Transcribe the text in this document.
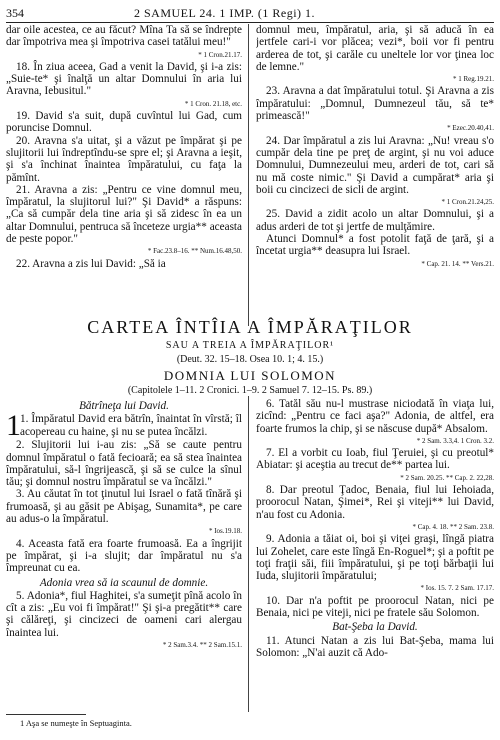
354	2 SAMUEL 24. 1 IMP. (1 Regi) 1.

dar oile acestea, ce au făcut? Mîna Ta să se îndrepte dar împotriva mea şi împotriva casei tatălui meu!"

* 1 Cron.21.17.

18. În ziua aceea, Gad a venit la David, şi i-a zis: „Suie-te* şi înalţă un altar Domnului în aria lui Aravna, Iebusitul."

* 1 Cron. 21.18, etc.

19. David s'a suit, după cuvîntul lui Gad, cum poruncise Domnul.

20. Aravna s'a uitat, şi a văzut pe împărat şi pe slujitorii lui îndreptîndu-se spre el; şi Aravna a ieşit, şi s'a închinat înaintea împăratului, cu faţa la pămînt.

21. Aravna a zis: „Pentru ce vine domnul meu, împăratul, la slujitorul lui?" Şi David* a răspuns: „Ca să cumpăr dela tine aria şi să zidesc în ea un altar Domnului, pentruca să înceteze urgia** aceasta de peste popor."

* Fac.23.8–16. ** Num.16.48,50.

22. Aravna a zis lui David: „Să ia

domnul meu, împăratul, aria, şi să aducă în ea jertfele cari-i vor plăcea; vezi*, boii vor fi pentru arderea de tot, şi carăle cu uneltele lor vor ţinea loc de lemne."

* 1 Reg.19.21.

23. Aravna a dat împăratului totul. Şi Aravna a zis împăratului: „Domnul, Dumnezeul tău, să te* primească!"

* Ezec.20.40,41.

24. Dar împăratul a zis lui Aravna: „Nu! vreau s'o cumpăr dela tine pe preţ de argint, şi nu voi aduce Domnului, Dumnezeului meu, arderi de tot, cari să nu mă coste nimic." Şi David a cumpărat* aria şi boii cu cincizeci de sicli de argint.

* 1 Cron.21.24,25.

25. David a zidit acolo un altar Domnului, şi a adus arderi de tot şi jertfe de mulţămire.

Atunci Domnul* a fost potolit faţă de ţară, şi a încetat urgia** deasupra lui Israel.

* Cap. 21. 14. ** Vers.21.
CARTEA ÎNTÎIA A ÎMPĂRAŢILOR
SAU A TREIA A ÎMPĂRAŢILOR¹
(Deut. 32. 15–18. Osea 10. 1; 4. 15.)
DOMNIA LUI SOLOMON
(Capitolele 1–11. 2 Cronici. 1–9. 2 Samuel 7. 12–15. Ps. 89.)

Bătrîneţa lui David.

1 1. Împăratul David era bătrîn, înaintat în vîrstă; îl acopereau cu haine, şi nu se putea încălzi.

2. Slujitorii lui i-au zis: „Să se caute pentru domnul împăratul o fată fecioară; ea să stea înaintea împăratului, să-l îngrijească, şi să se culce la sînul tău; şi domnul nostru împăratul se va încălzi."

3. Au căutat în tot ţinutul lui Israel o fată tînără şi frumoasă, şi au găsit pe Abişag, Sunamita*, pe care au adus-o la împăratul.

* Ios.19.18.

4. Aceasta fată era foarte frumoasă. Ea a îngrijit pe împărat, şi i-a slujit; dar împăratul nu s'a împreunat cu ea.

Adonia vrea să ia scaunul de domnie.

5. Adonia*, fiul Haghitei, s'a sumeţit pînă acolo în cît a zis: „Eu voi fi împărat!" Şi şi-a pregătit** care şi călăreţi, şi cincizeci de oameni cari alergau înaintea lui.

* 2 Sam.3.4. ** 2 Sam.15.1.

6. Tatăl său nu-l mustrase niciodată în viaţa lui, zicînd: „Pentru ce faci aşa?" Adonia, de altfel, era foarte frumos la chip, şi se născuse după* Absalom.

* 2 Sam. 3.3,4. 1 Cron. 3.2.

7. El a vorbit cu Ioab, fiul Ţeruiei, şi cu preotul* Abiatar: şi aceştia au trecut de** partea lui.

* 2 Sam. 20.25. ** Cap. 2. 22,28.

8. Dar preotul Ţadoc, Benaia, fiul lui Iehoiada, proorocul Natan, Şimei*, Rei şi viteji** lui David, n'au fost cu Adonia.

* Cap. 4. 18. ** 2 Sam. 23.8.

9. Adonia a tăiat oi, boi şi viţei graşi, lîngă piatra lui Zohelet, care este lîngă En-Roguel*; şi a poftit pe toţi fraţii săi, fiii împăratului, şi pe toţi bărbaţii lui Iuda, slujitorii împăratului;

* Ios. 15. 7. 2 Sam. 17.17.

10. Dar n'a poftit pe proorocul Natan, nici pe Benaia, nici pe viteji, nici pe fratele său Solomon.

Bat-Şeba la David.

11. Atunci Natan a zis lui Bat-Şeba, mama lui Solomon: „N'ai auzit că Ado-

1 Aşa se numeşte în Septuaginta.
